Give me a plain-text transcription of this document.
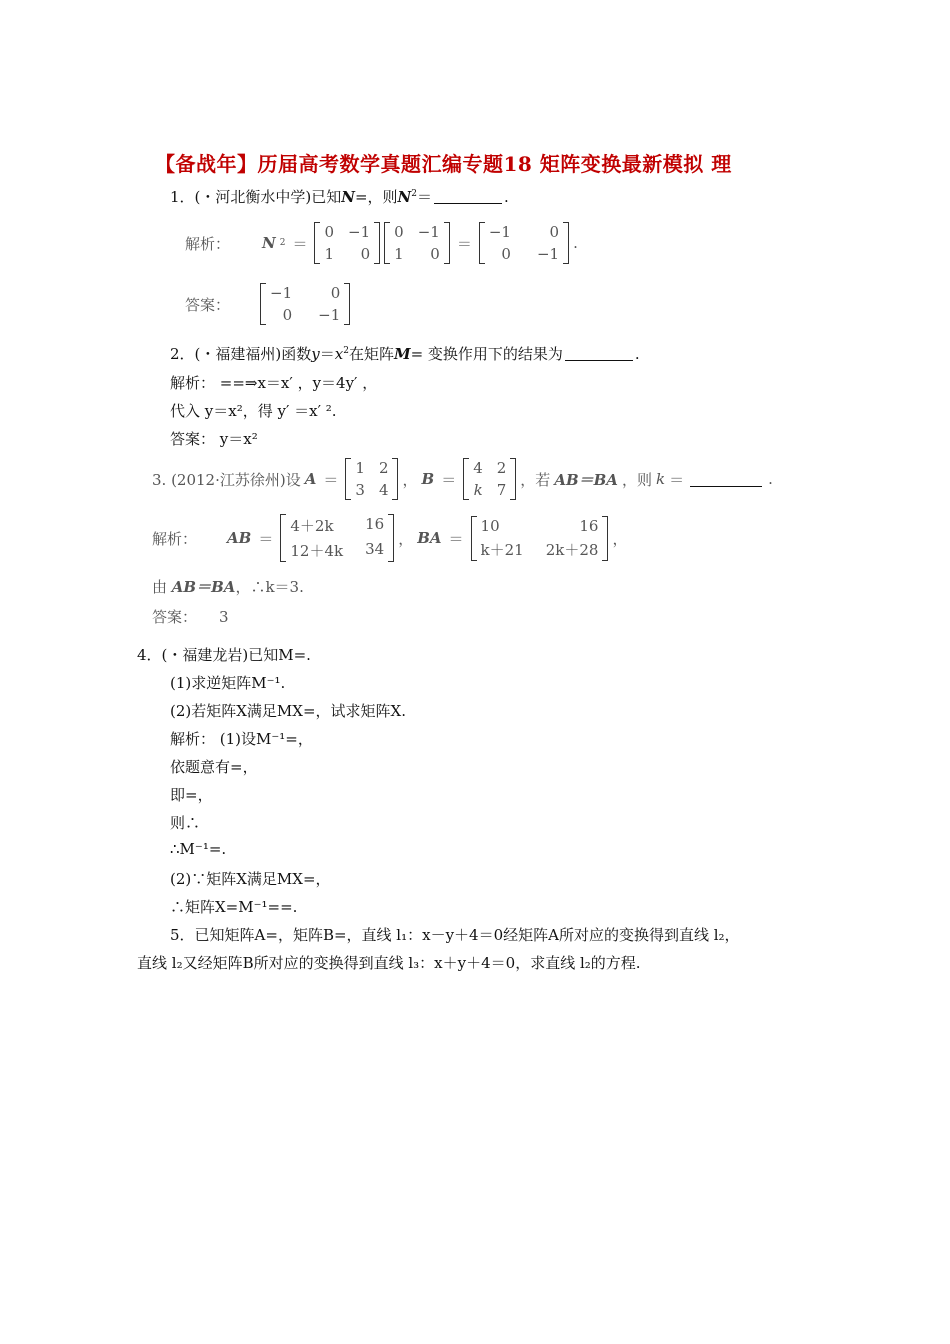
【备战年】历届高考数学真题汇编专题18 矩阵变换最新模拟 理
1．(・河北衡水中学)已知N=，则$N^2=$	.
解析： N 2 ＝
0 −1
1	0
0 −1
1	0
＝
−1	0
0 −1
.
答案：
−1	0
0 −1
2．(・福建福州)函数$y=x^2$在矩阵M= 变换作用下的结果为	.
解析： ==⇒x＝x′ ，y＝4y′ ，
代入 y＝x²，得 y′ ＝x′ ².
答案： y＝x²
3. (2012·江苏徐州)设 A ＝
1 2
3 4
， B ＝
4 2
k 7
，若 AB＝BA ，则 k ＝	.
解析： AB ＝
4＋2k	16
12＋4k 34
， BA ＝
10	16
k＋21 2k＋28
，
由 AB＝BA，∴k＝3.
答案： 3
4．(・福建龙岩)已知M=.
(1)求逆矩阵M⁻¹.
(2)若矩阵X满足MX=，试求矩阵X.
解析： (1)设M⁻¹=，
依题意有=，
即=，
则∴
∴M⁻¹=.
(2)∵矩阵X满足MX=，
∴矩阵X=M⁻¹==.
5．已知矩阵A=，矩阵B=，直线 l₁：x－y＋4＝0经矩阵A所对应的变换得到直线 l₂，
直线 l₂又经矩阵B所对应的变换得到直线 l₃：x＋y＋4＝0，求直线 l₂的方程.
